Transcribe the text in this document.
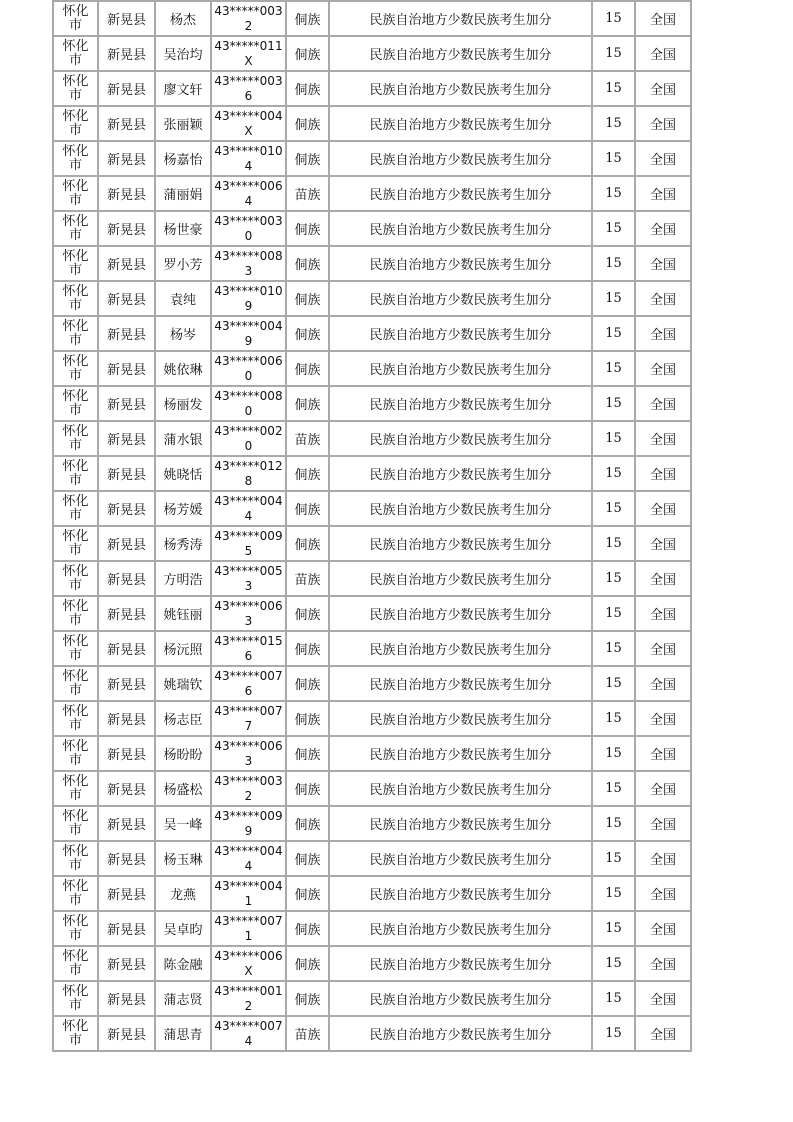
怀化市	新晃县	杨杰	43*****0032	侗族	民族自治地方少数民族考生加分	15	全国
怀化市	新晃县	吴治均	43*****011X	侗族	民族自治地方少数民族考生加分	15	全国
怀化市	新晃县	廖文轩	43*****0036	侗族	民族自治地方少数民族考生加分	15	全国
怀化市	新晃县	张丽颖	43*****004X	侗族	民族自治地方少数民族考生加分	15	全国
怀化市	新晃县	杨嘉怡	43*****0104	侗族	民族自治地方少数民族考生加分	15	全国
怀化市	新晃县	蒲丽娟	43*****0064	苗族	民族自治地方少数民族考生加分	15	全国
怀化市	新晃县	杨世豪	43*****0030	侗族	民族自治地方少数民族考生加分	15	全国
怀化市	新晃县	罗小芳	43*****0083	侗族	民族自治地方少数民族考生加分	15	全国
怀化市	新晃县	袁纯	43*****0109	侗族	民族自治地方少数民族考生加分	15	全国
怀化市	新晃县	杨岑	43*****0049	侗族	民族自治地方少数民族考生加分	15	全国
怀化市	新晃县	姚依琳	43*****0060	侗族	民族自治地方少数民族考生加分	15	全国
怀化市	新晃县	杨丽发	43*****0080	侗族	民族自治地方少数民族考生加分	15	全国
怀化市	新晃县	蒲水银	43*****0020	苗族	民族自治地方少数民族考生加分	15	全国
怀化市	新晃县	姚晓恬	43*****0128	侗族	民族自治地方少数民族考生加分	15	全国
怀化市	新晃县	杨芳媛	43*****0044	侗族	民族自治地方少数民族考生加分	15	全国
怀化市	新晃县	杨秀涛	43*****0095	侗族	民族自治地方少数民族考生加分	15	全国
怀化市	新晃县	方明浩	43*****0053	苗族	民族自治地方少数民族考生加分	15	全国
怀化市	新晃县	姚钰丽	43*****0063	侗族	民族自治地方少数民族考生加分	15	全国
怀化市	新晃县	杨沅照	43*****0156	侗族	民族自治地方少数民族考生加分	15	全国
怀化市	新晃县	姚瑞钦	43*****0076	侗族	民族自治地方少数民族考生加分	15	全国
怀化市	新晃县	杨志臣	43*****0077	侗族	民族自治地方少数民族考生加分	15	全国
怀化市	新晃县	杨盼盼	43*****0063	侗族	民族自治地方少数民族考生加分	15	全国
怀化市	新晃县	杨盛松	43*****0032	侗族	民族自治地方少数民族考生加分	15	全国
怀化市	新晃县	吴一峰	43*****0099	侗族	民族自治地方少数民族考生加分	15	全国
怀化市	新晃县	杨玉琳	43*****0044	侗族	民族自治地方少数民族考生加分	15	全国
怀化市	新晃县	龙燕	43*****0041	侗族	民族自治地方少数民族考生加分	15	全国
怀化市	新晃县	吴卓昀	43*****0071	侗族	民族自治地方少数民族考生加分	15	全国
怀化市	新晃县	陈金融	43*****006X	侗族	民族自治地方少数民族考生加分	15	全国
怀化市	新晃县	蒲志贤	43*****0012	侗族	民族自治地方少数民族考生加分	15	全国
怀化市	新晃县	蒲思青	43*****0074	苗族	民族自治地方少数民族考生加分	15	全国
